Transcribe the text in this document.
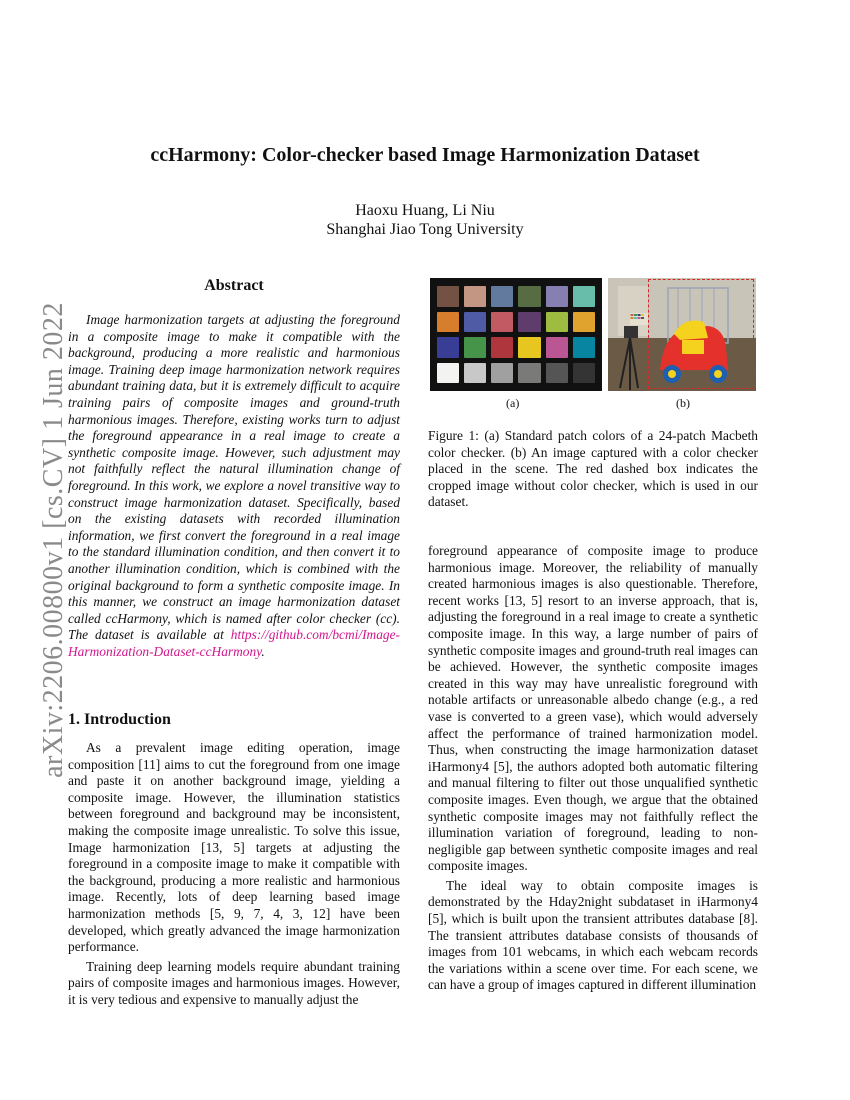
arXiv:2206.00800v1 [cs.CV] 1 Jun 2022
ccHarmony: Color-checker based Image Harmonization Dataset
Haoxu Huang, Li Niu
Shanghai Jiao Tong University
Abstract

Image harmonization targets at adjusting the foreground in a composite image to make it compatible with the background, producing a more realistic and harmonious image. Training deep image harmonization network requires abundant training data, but it is extremely difficult to acquire training pairs of composite images and ground-truth harmonious images. Therefore, existing works turn to adjust the foreground appearance in a real image to create a synthetic composite image. However, such adjustment may not faithfully reflect the natural illumination change of foreground. In this work, we explore a novel transitive way to construct image harmonization dataset. Specifically, based on the existing datasets with recorded illumination information, we first convert the foreground in a real image to the standard illumination condition, and then convert it to another illumination condition, which is combined with the original background to form a synthetic composite image. In this manner, we construct an image harmonization dataset called ccHarmony, which is named after color checker (cc). The dataset is available at https://github.com/bcmi/Image-Harmonization-Dataset-ccHarmony.

1. Introduction

As a prevalent image editing operation, image composition [11] aims to cut the foreground from one image and paste it on another background image, yielding a composite image. However, the illumination statistics between foreground and background may be inconsistent, making the composite image unrealistic. To solve this issue, Image harmonization [13, 5] targets at adjusting the foreground in a composite image to make it compatible with the background, producing a more realistic and harmonious image. Recently, lots of deep learning based image harmonization methods [5, 9, 7, 4, 3, 12] have been developed, which greatly advanced the image harmonization performance.

Training deep learning models require abundant training pairs of composite images and harmonious images. However, it is very tedious and expensive to manually adjust the

(a)	(b)

Figure 1: (a) Standard patch colors of a 24-patch Macbeth color checker. (b) An image captured with a color checker placed in the scene. The red dashed box indicates the cropped image without color checker, which is used in our dataset.

foreground appearance of composite image to produce harmonious image. Moreover, the reliability of manually created harmonious images is also questionable. Therefore, recent works [13, 5] resort to an inverse approach, that is, adjusting the foreground in a real image to create a synthetic composite image. In this way, a large number of pairs of synthetic composite images and ground-truth real images can be achieved. However, the synthetic composite images created in this way may have unrealistic foreground with notable artifacts or unreasonable albedo change (e.g., a red vase is converted to a green vase), which would adversely affect the performance of trained harmonization model. Thus, when constructing the image harmonization dataset iHarmony4 [5], the authors adopted both automatic filtering and manual filtering to filter out those unqualified synthetic composite images. Even though, we argue that the obtained synthetic composite images may not faithfully reflect the illumination variation of foreground, leading to non-negligible gap between synthetic composite images and real composite images.

The ideal way to obtain composite images is demonstrated by the Hday2night subdataset in iHarmony4 [5], which is built upon the transient attributes database [8]. The transient attributes database consists of thousands of images from 101 webcams, in which each webcam records the variations within a scene over time. For each scene, we can have a group of images captured in different illumination
